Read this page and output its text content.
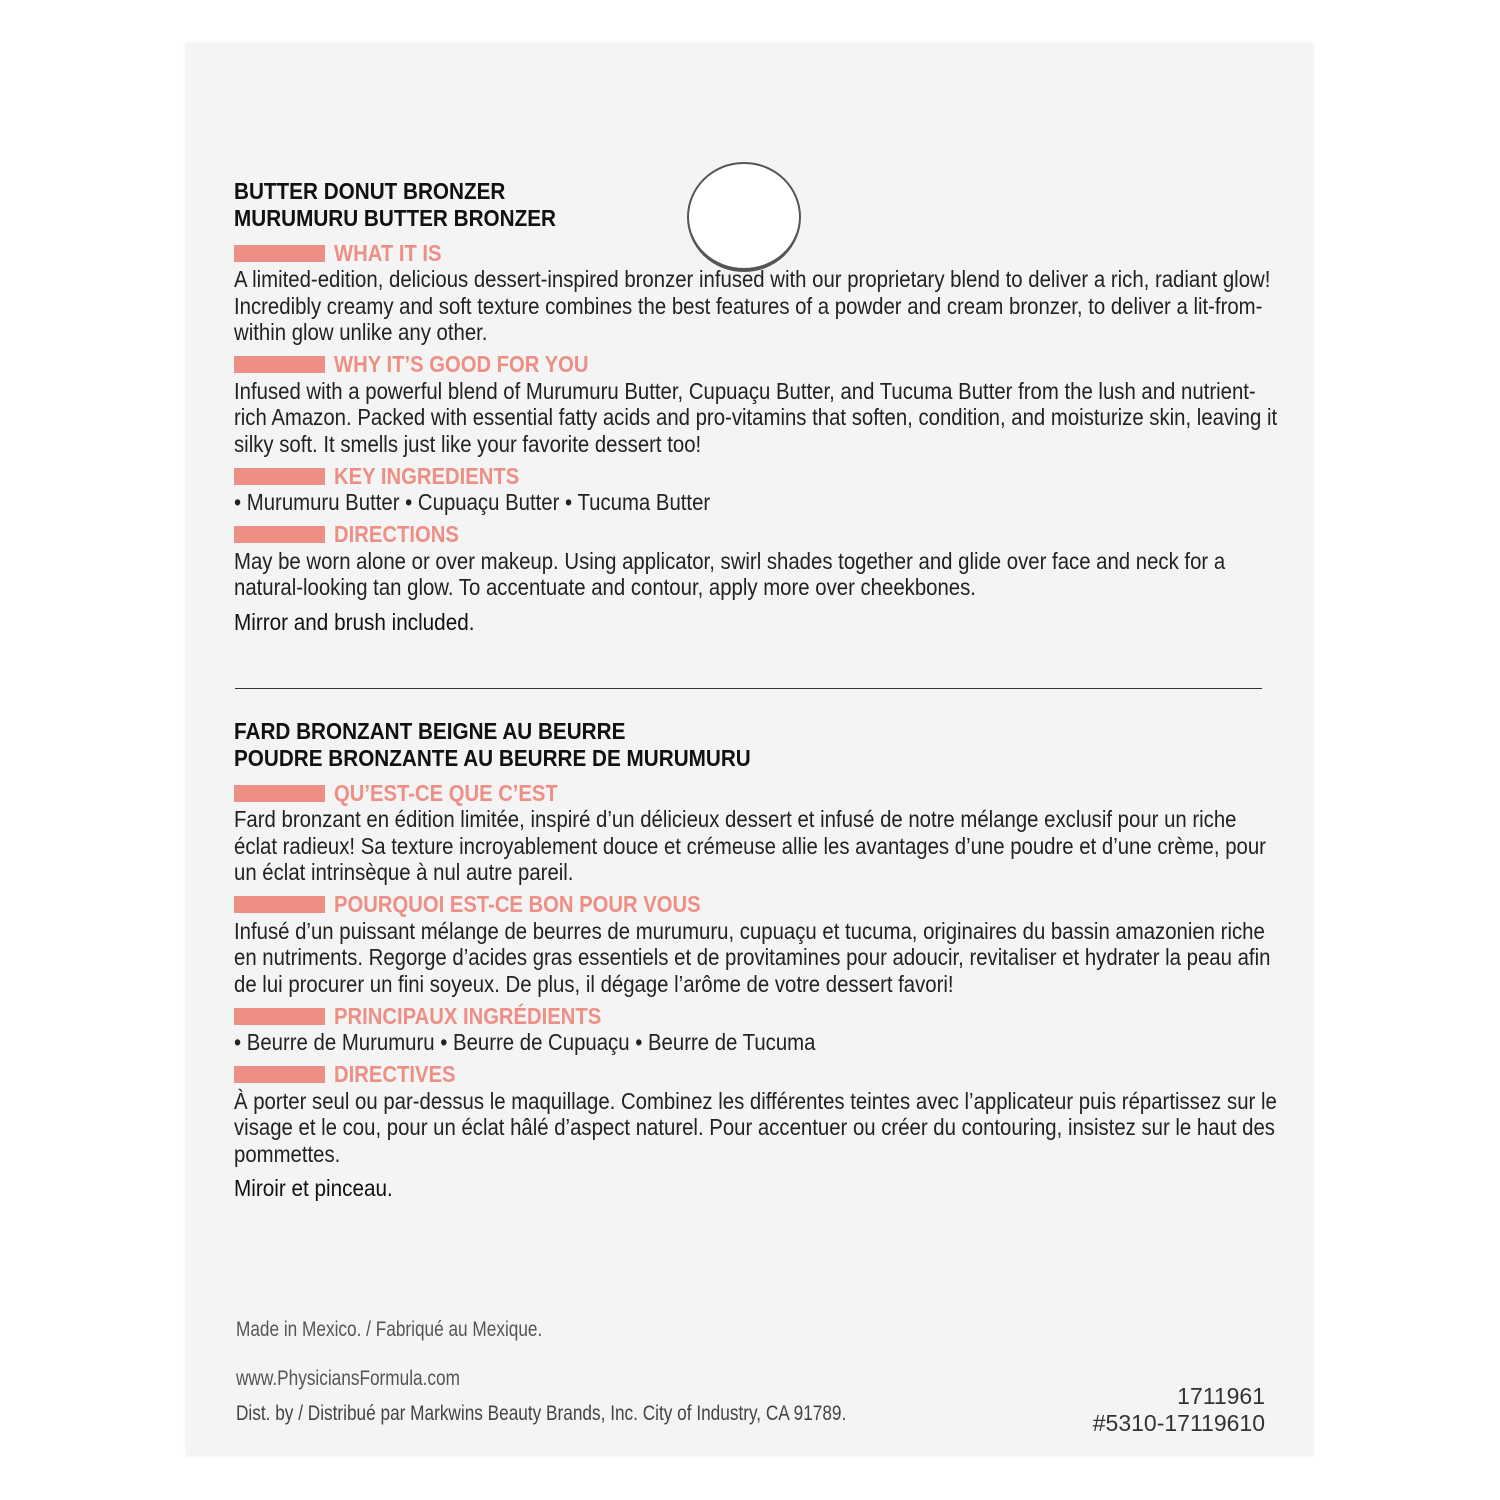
BUTTER DONUT BRONZER
MURUMURU BUTTER BRONZER
WHAT IT IS
A limited-edition, delicious dessert-inspired bronzer infused with our proprietary blend to deliver a rich, radiant glow! Incredibly creamy and soft texture combines the best features of a powder and cream bronzer, to deliver a lit-from-within glow unlike any other.
WHY IT’S GOOD FOR YOU
Infused with a powerful blend of Murumuru Butter, Cupuaçu Butter, and Tucuma Butter from the lush and nutrient-rich Amazon. Packed with essential fatty acids and pro-vitamins that soften, condition, and moisturize skin, leaving it silky soft. It smells just like your favorite dessert too!
KEY INGREDIENTS
• Murumuru Butter • Cupuaçu Butter • Tucuma Butter
DIRECTIONS
May be worn alone or over makeup. Using applicator, swirl shades together and glide over face and neck for a natural-looking tan glow. To accentuate and contour, apply more over cheekbones.
Mirror and brush included.
FARD BRONZANT BEIGNE AU BEURRE
POUDRE BRONZANTE AU BEURRE DE MURUMURU
QU’EST-CE QUE C’EST
Fard bronzant en édition limitée, inspiré d’un délicieux dessert et infusé de notre mélange exclusif pour un riche éclat radieux! Sa texture incroyablement douce et crémeuse allie les avantages d’une poudre et d’une crème, pour un éclat intrinsèque à nul autre pareil.
POURQUOI EST-CE BON POUR VOUS
Infusé d’un puissant mélange de beurres de murumuru, cupuaçu et tucuma, originaires du bassin amazonien riche en nutriments. Regorge d’acides gras essentiels et de provitamines pour adoucir, revitaliser et hydrater la peau afin de lui procurer un fini soyeux. De plus, il dégage l’arôme de votre dessert favori!
PRINCIPAUX INGRÉDIENTS
• Beurre de Murumuru • Beurre de Cupuaçu • Beurre de Tucuma
DIRECTIVES
À porter seul ou par-dessus le maquillage. Combinez les différentes teintes avec l’applicateur puis répartissez sur le visage et le cou, pour un éclat hâlé d’aspect naturel. Pour accentuer ou créer du contouring, insistez sur le haut des pommettes.
Miroir et pinceau.
Made in Mexico. / Fabriqué au Mexique.
www.PhysiciansFormula.com
Dist. by / Distribué par Markwins Beauty Brands, Inc. City of Industry, CA 91789.
1711961
#5310-17119610
